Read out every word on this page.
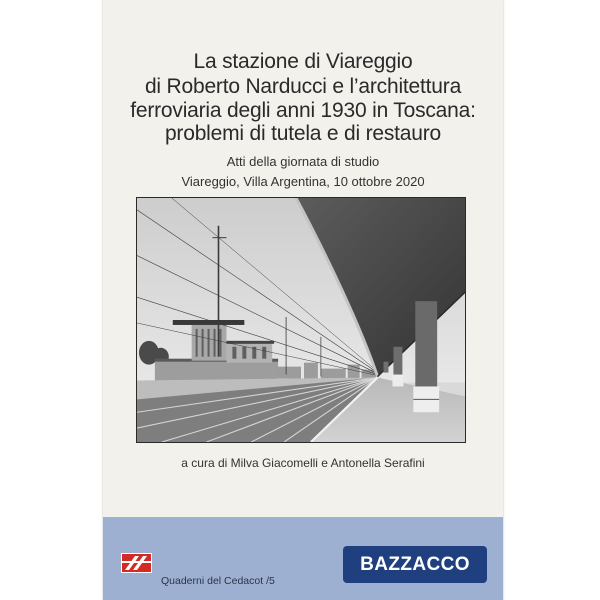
La stazione di Viareggio
di Roberto Narducci e l’architettura
ferroviaria degli anni 1930 in Toscana:
problemi di tutela e di restauro
Atti della giornata di studio
Viareggio, Villa Argentina, 10 ottobre 2020
a cura di Milva Giacomelli e Antonella Serafini
Quaderni del Cedacot /5
BAZZACCO
